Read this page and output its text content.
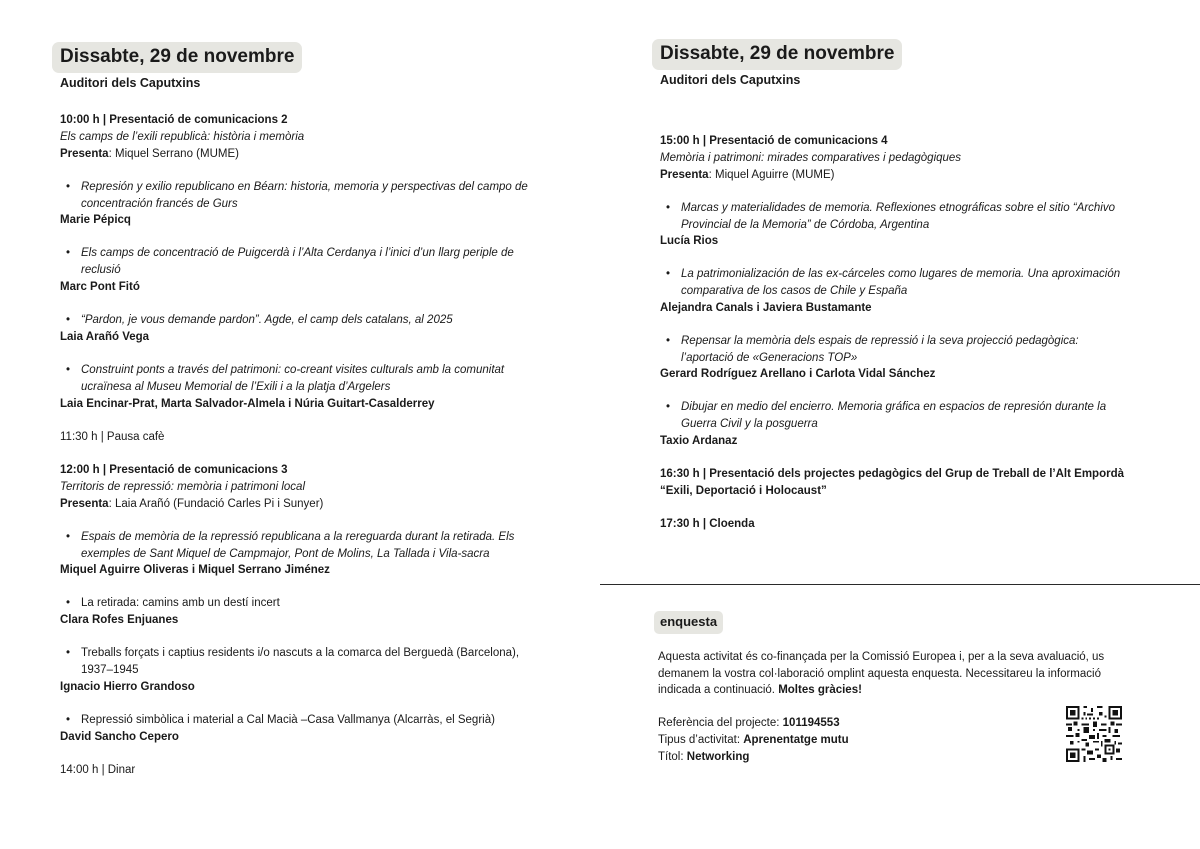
Dissabte, 29 de novembre
Auditori dels Caputxins
10:00 h | Presentació de comunicacions 2
Els camps de l’exili republicà: història i memòria
Presenta: Miquel Serrano (MUME)
• Represión y exilio republicano en Béarn: historia, memoria y perspectivas del campo de
concentración francés de Gurs
Marie Pépicq
• Els camps de concentració de Puigcerdà i l’Alta Cerdanya i l’inici d’un llarg periple de
reclusió
Marc Pont Fitó
• “Pardon, je vous demande pardon”. Agde, el camp dels catalans, al 2025
Laia Arañó Vega
• Construint ponts a través del patrimoni: co-creant visites culturals amb la comunitat
ucraïnesa al Museu Memorial de l’Exili i a la platja d’Argelers
Laia Encinar-Prat, Marta Salvador-Almela i Núria Guitart-Casalderrey
11:30 h | Pausa cafè
12:00 h | Presentació de comunicacions 3
Territoris de repressió: memòria i patrimoni local
Presenta: Laia Arañó (Fundació Carles Pi i Sunyer)
• Espais de memòria de la repressió republicana a la rereguarda durant la retirada. Els
exemples de Sant Miquel de Campmajor, Pont de Molins, La Tallada i Vila-sacra
Miquel Aguirre Oliveras i Miquel Serrano Jiménez
• La retirada: camins amb un destí incert
Clara Rofes Enjuanes
• Treballs forçats i captius residents i/o nascuts a la comarca del Berguedà (Barcelona),
1937–1945
Ignacio Hierro Grandoso
• Repressió simbòlica i material a Cal Macià –Casa Vallmanya (Alcarràs, el Segrià)
David Sancho Cepero
14:00 h | Dinar
Dissabte, 29 de novembre
Auditori dels Caputxins
15:00 h | Presentació de comunicacions 4
Memòria i patrimoni: mirades comparatives i pedagògiques
Presenta: Miquel Aguirre (MUME)
• Marcas y materialidades de memoria. Reflexiones etnográficas sobre el sitio “Archivo
Provincial de la Memoria” de Córdoba, Argentina
Lucía Rios
• La patrimonialización de las ex-cárceles como lugares de memoria. Una aproximación
comparativa de los casos de Chile y España
Alejandra Canals i Javiera Bustamante
• Repensar la memòria dels espais de repressió i la seva projecció pedagògica:
l’aportació de «Generacions TOP»
Gerard Rodríguez Arellano i Carlota Vidal Sánchez
• Dibujar en medio del encierro. Memoria gráfica en espacios de represión durante la
Guerra Civil y la posguerra
Taxio Ardanaz
16:30 h | Presentació dels projectes pedagògics del Grup de Treball de l’Alt Empordà
“Exili, Deportació i Holocaust”
17:30 h | Cloenda
enquesta
Aquesta activitat és co-finançada per la Comissió Europea i, per a la seva avaluació, us
demanem la vostra col·laboració omplint aquesta enquesta. Necessitareu la informació
indicada a continuació. Moltes gràcies!
Referència del projecte: 101194553
Tipus d’activitat: Aprenentatge mutu
Títol: Networking
